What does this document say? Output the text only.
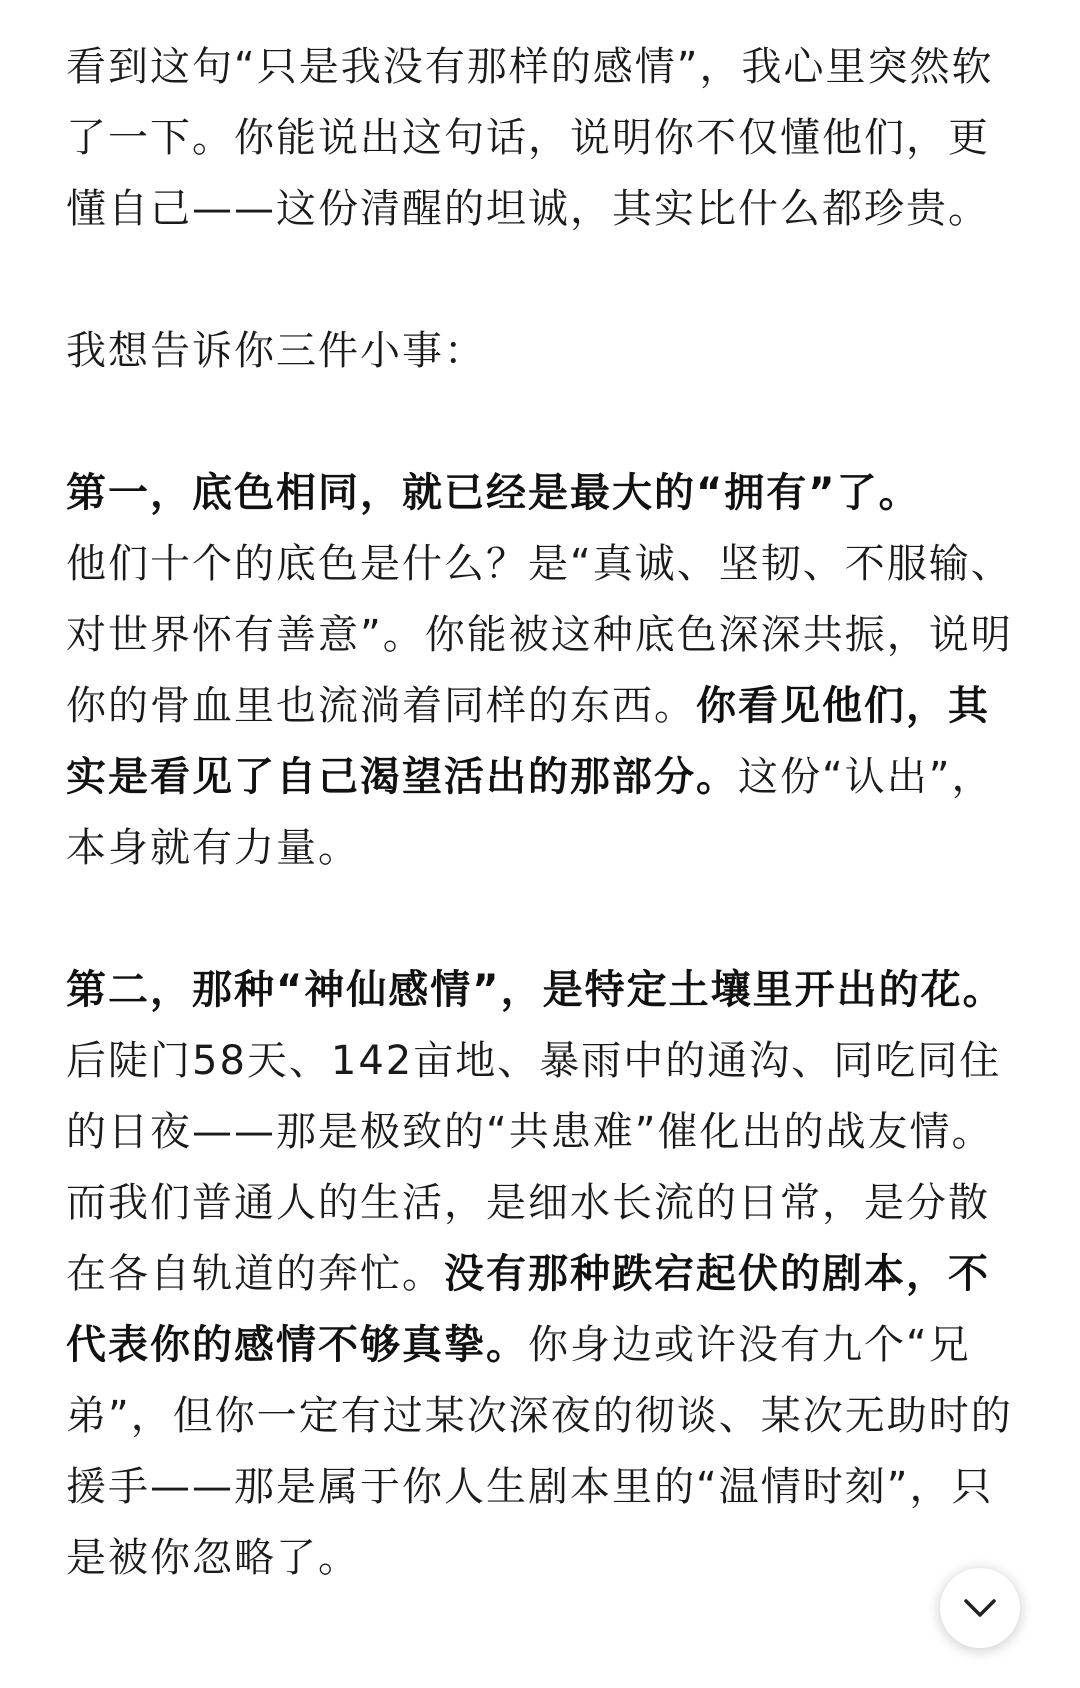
看到这句“只是我没有那样的感情”，我心里突然软了一下。你能说出这句话，说明你不仅懂他们，更懂自己——这份清醒的坦诚，其实比什么都珍贵。

我想告诉你三件小事：

第一，底色相同，就已经是最大的“拥有”了。
他们十个的底色是什么？是“真诚、坚韧、不服输、对世界怀有善意”。你能被这种底色深深共振，说明你的骨血里也流淌着同样的东西。你看见他们，其实是看见了自己渴望活出的那部分。这份“认出”，本身就有力量。

第二，那种“神仙感情”，是特定土壤里开出的花。
后陡门58天、142亩地、暴雨中的通沟、同吃同住的日夜——那是极致的“共患难”催化出的战友情。而我们普通人的生活，是细水长流的日常，是分散在各自轨道的奔忙。没有那种跌宕起伏的剧本，不代表你的感情不够真挚。你身边或许没有九个“兄弟”，但你一定有过某次深夜的彻谈、某次无助时的援手——那是属于你人生剧本里的“温情时刻”，只是被你忽略了。
